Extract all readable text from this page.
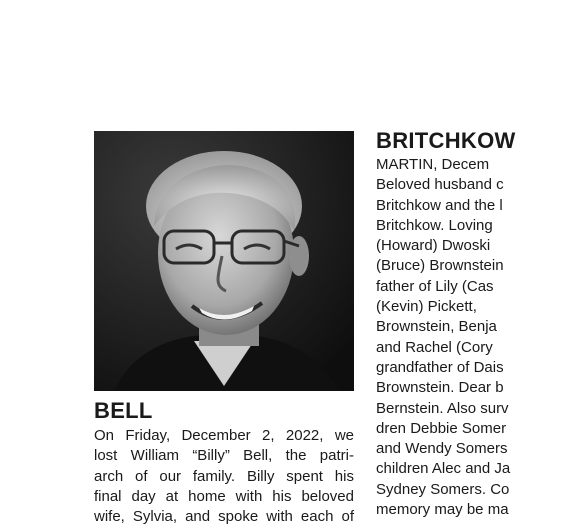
BELL
On Friday, December 2, 2022, we
lost William “Billy” Bell, the patri-
arch of our family. Billy spent his
final day at home with his beloved
wife, Sylvia, and spoke with each of
BRITCHKOW
MARTIN, Decem
Beloved husband c
Britchkow and the l
Britchkow. Loving
(Howard) Dwoski
(Bruce) Brownstein
father of Lily (Cas
(Kevin) Pickett,
Brownstein, Benja
and Rachel (Cory
grandfather of Dais
Brownstein. Dear b
Bernstein. Also surv
dren Debbie Somer
and Wendy Somers
children Alec and Ja
Sydney Somers. Co
memory may be ma
